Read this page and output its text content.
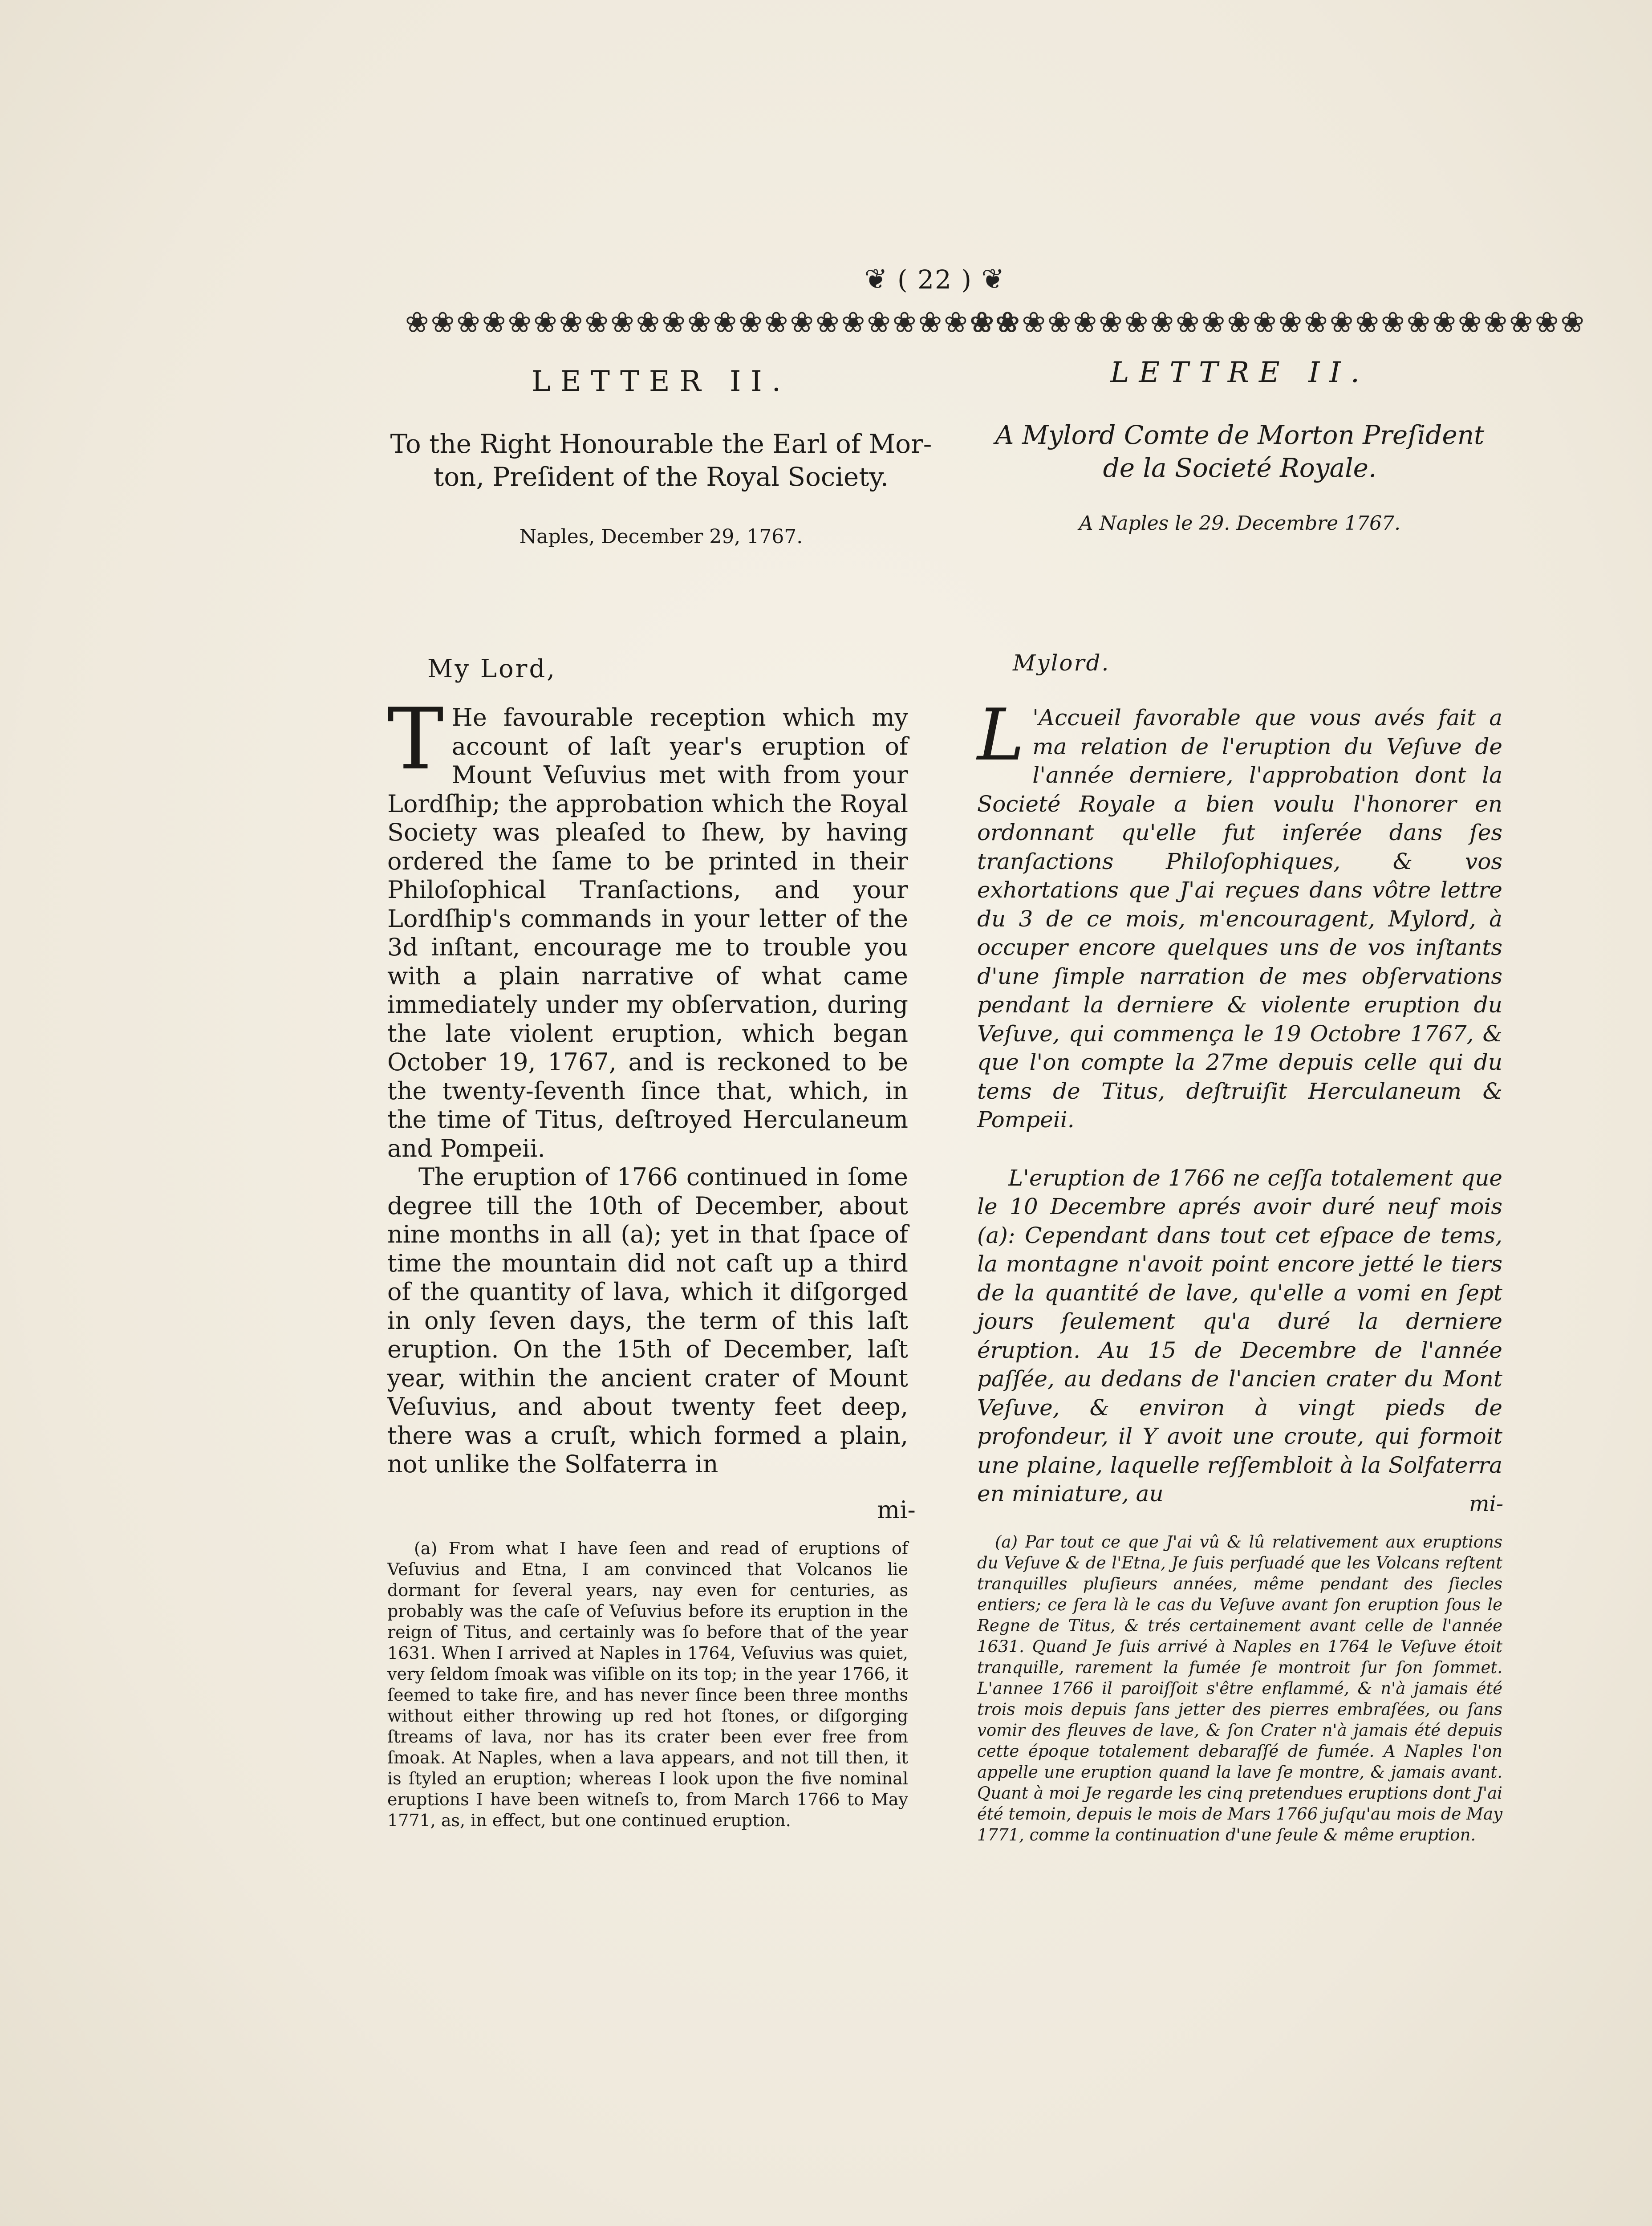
❦ ( 22 ) ❦
❀❀❀❀❀❀❀❀❀❀❀❀❀❀❀❀❀❀❀❀❀❀❀❀
❀❀❀❀❀❀❀❀❀❀❀❀❀❀❀❀❀❀❀❀❀❀❀❀
LETTER II.
To the Right Honourable the Earl of Mor-ton, Preſident of the Royal Society.
Naples, December 29, 1767.
My Lord,

T He favourable reception which my account of laſt year's eruption of Mount Veſuvius met with from your Lordſhip; the approbation which the Royal Society was pleaſed to ſhew, by having ordered the ſame to be printed in their Philoſophical Tranſactions, and your Lordſhip's commands in your letter of the 3d inſtant, encourage me to trouble you with a plain narrative of what came immediately under my obſervation, during the late violent eruption, which began October 19, 1767, and is reckoned to be the twenty-ſeventh ſince that, which, in the time of Titus, deſtroyed Herculaneum and Pompeii.

The eruption of 1766 continued in ſome degree till the 10th of December, about nine months in all (a); yet in that ſpace of time the mountain did not caſt up a third of the quantity of lava, which it diſgorged in only ſeven days, the term of this laſt eruption. On the 15th of December, laſt year, within the ancient crater of Mount Veſuvius, and about twenty feet deep, there was a cruſt, which formed a plain, not unlike the Solfaterra in

mi-
(a) From what I have ſeen and read of eruptions of Veſuvius and Etna, I am convinced that Volcanos lie dormant for ſeveral years, nay even for centuries, as probably was the caſe of Veſuvius before its eruption in the reign of Titus, and certainly was ſo before that of the year 1631. When I arrived at Naples in 1764, Veſuvius was quiet, very ſeldom ſmoak was viſible on its top; in the year 1766, it ſeemed to take fire, and has never ſince been three months without either throwing up red hot ſtones, or diſgorging ſtreams of lava, nor has its crater been ever free from ſmoak. At Naples, when a lava appears, and not till then, it is ſtyled an eruption; whereas I look upon the five nominal eruptions I have been witneſs to, from March 1766 to May 1771, as, in effect, but one continued eruption.
LETTRE II.
A Mylord Comte de Morton Preſident de la Societé Royale.
A Naples le 29. Decembre 1767.
Mylord.

L 'Accueil favorable que vous avés fait a ma relation de l'eruption du Veſuve de l'année derniere, l'approbation dont la Societé Royale a bien voulu l'honorer en ordonnant qu'elle fut inſerée dans ſes tranſactions Philoſophiques, & vos exhortations que J'ai reçues dans vôtre lettre du 3 de ce mois, m'encouragent, Mylord, à occuper encore quelques uns de vos inſtants d'une ſimple narration de mes obſervations pendant la derniere & violente eruption du Veſuve, qui commença le 19 Octobre 1767, & que l'on compte la 27me depuis celle qui du tems de Titus, deſtruiſit Herculaneum & Pompeii.

L'eruption de 1766 ne ceſſa totalement que le 10 Decembre aprés avoir duré neuf mois (a): Cependant dans tout cet eſpace de tems, la montagne n'avoit point encore jetté le tiers de la quantité de lave, qu'elle a vomi en ſept jours ſeulement qu'a duré la derniere éruption. Au 15 de Decembre de l'année paſſée, au dedans de l'ancien crater du Mont Veſuve, & environ à vingt pieds de profondeur, il Y avoit une croute, qui formoit une plaine, laquelle reſſembloit à la Solfaterra en miniature, au	mi-
(a) Par tout ce que J'ai vû & lû relativement aux eruptions du Veſuve & de l'Etna, Je ſuis perſuadé que les Volcans reſtent tranquilles pluſieurs années, même pendant des ſiecles entiers; ce ſera là le cas du Veſuve avant ſon eruption ſous le Regne de Titus, & trés certainement avant celle de l'année 1631. Quand Je ſuis arrivé à Naples en 1764 le Veſuve étoit tranquille, rarement la fumée ſe montroit ſur ſon ſommet. L'annee 1766 il paroiſſoit s'être enflammé, & n'à jamais été trois mois depuis ſans jetter des pierres embraſées, ou ſans vomir des fleuves de lave, & ſon Crater n'à jamais été depuis cette époque totalement debaraſſé de fumée. A Naples l'on appelle une eruption quand la lave ſe montre, & jamais avant. Quant à moi Je regarde les cinq pretendues eruptions dont J'ai été temoin, depuis le mois de Mars 1766 juſqu'au mois de May 1771, comme la continuation d'une ſeule & même eruption.
